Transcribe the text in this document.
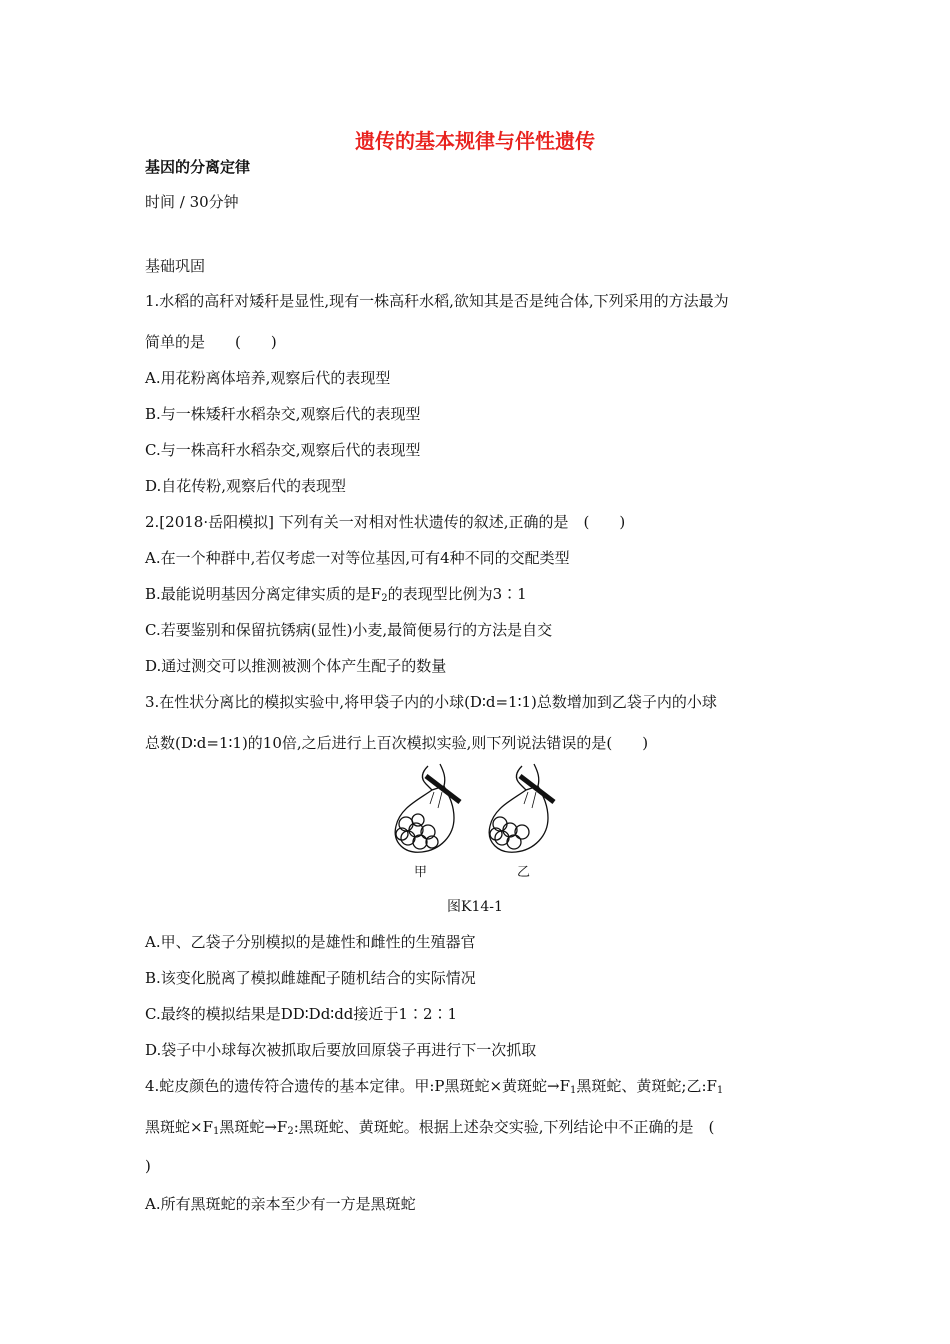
遗传的基本规律与伴性遗传
基因的分离定律
时间 / 30分钟
基础巩固
1.水稻的高秆对矮秆是显性,现有一株高秆水稻,欲知其是否是纯合体,下列采用的方法最为
简单的是　　(　　)
A.用花粉离体培养,观察后代的表现型
B.与一株矮秆水稻杂交,观察后代的表现型
C.与一株高秆水稻杂交,观察后代的表现型
D.自花传粉,观察后代的表现型
2.[2018·岳阳模拟] 下列有关一对相对性状遗传的叙述,正确的是　(　　)
A.在一个种群中,若仅考虑一对等位基因,可有4种不同的交配类型
B.最能说明基因分离定律实质的是$F_2$的表现型比例为3∶1
C.若要鉴别和保留抗锈病(显性)小麦,最简便易行的方法是自交
D.通过测交可以推测被测个体产生配子的数量
3.在性状分离比的模拟实验中,将甲袋子内的小球(D∶d=1∶1)总数增加到乙袋子内的小球
总数(D∶d=1∶1)的10倍,之后进行上百次模拟实验,则下列说法错误的是(　　)
甲	乙
图K14-1
A.甲、乙袋子分别模拟的是雄性和雌性的生殖器官
B.该变化脱离了模拟雌雄配子随机结合的实际情况
C.最终的模拟结果是DD∶Dd∶dd接近于1∶2∶1
D.袋子中小球每次被抓取后要放回原袋子再进行下一次抓取
4.蛇皮颜色的遗传符合遗传的基本定律。甲:P黑斑蛇×黄斑蛇$\to F_1$黑斑蛇、黄斑蛇;乙$:F_1$
黑斑蛇$\times F_1$黑斑蛇$\to F_2$:黑斑蛇、黄斑蛇。根据上述杂交实验,下列结论中不正确的是　(
)
A.所有黑斑蛇的亲本至少有一方是黑斑蛇
